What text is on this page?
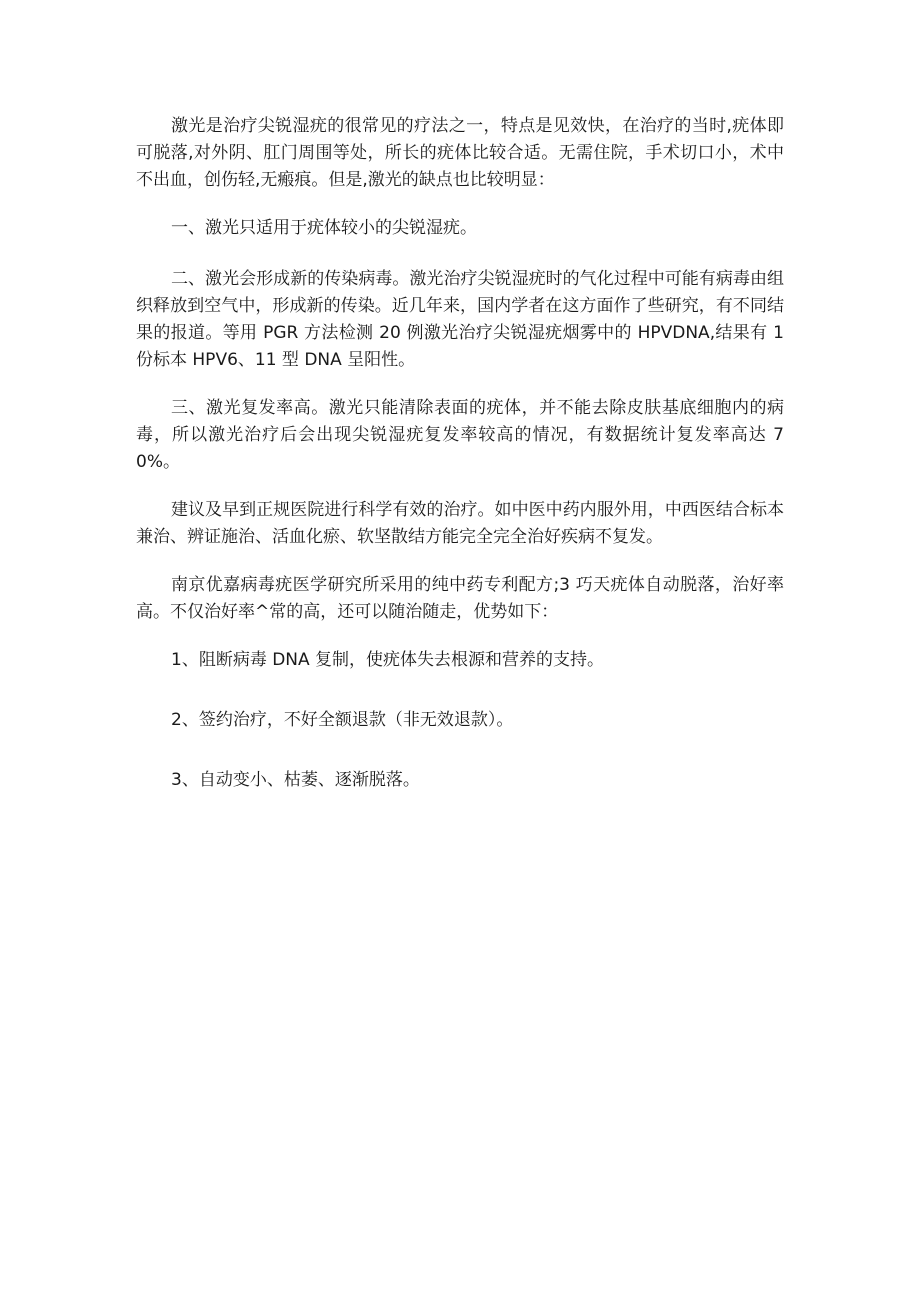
激光是治疗尖锐湿疣的很常见的疗法之一，特点是见效快，在治疗的当时,疣体即可脱落,对外阴、肛门周围等处，所长的疣体比较合适。无需住院，手术切口小，术中不出血，创伤轻,无瘢痕。但是,激光的缺点也比较明显：

一、激光只适用于疣体较小的尖锐湿疣。

二、激光会形成新的传染病毒。激光治疗尖锐湿疣时的气化过程中可能有病毒由组织释放到空气中，形成新的传染。近几年来，国内学者在这方面作了些研究，有不同结果的报道。等用 PGR 方法检测 20 例激光治疗尖锐湿疣烟雾中的 HPVDNA,结果有 1 份标本 HPV6、11 型 DNA 呈阳性。

三、激光复发率高。激光只能清除表面的疣体，并不能去除皮肤基底细胞内的病毒，所以激光治疗后会出现尖锐湿疣复发率较高的情况，有数据统计复发率高达 70%。

建议及早到正规医院进行科学有效的治疗。如中医中药内服外用，中西医结合标本兼治、辨证施治、活血化瘀、软坚散结方能完全完全治好疾病不复发。

南京优嘉病毒疣医学研究所采用的纯中药专利配方;3 巧天疣体自动脱落，治好率高。不仅治好率^常的高，还可以随治随走，优势如下：

1、阻断病毒 DNA 复制，使疣体失去根源和营养的支持。

2、签约治疗，不好全额退款（非无效退款）。

3、自动变小、枯萎、逐渐脱落。
